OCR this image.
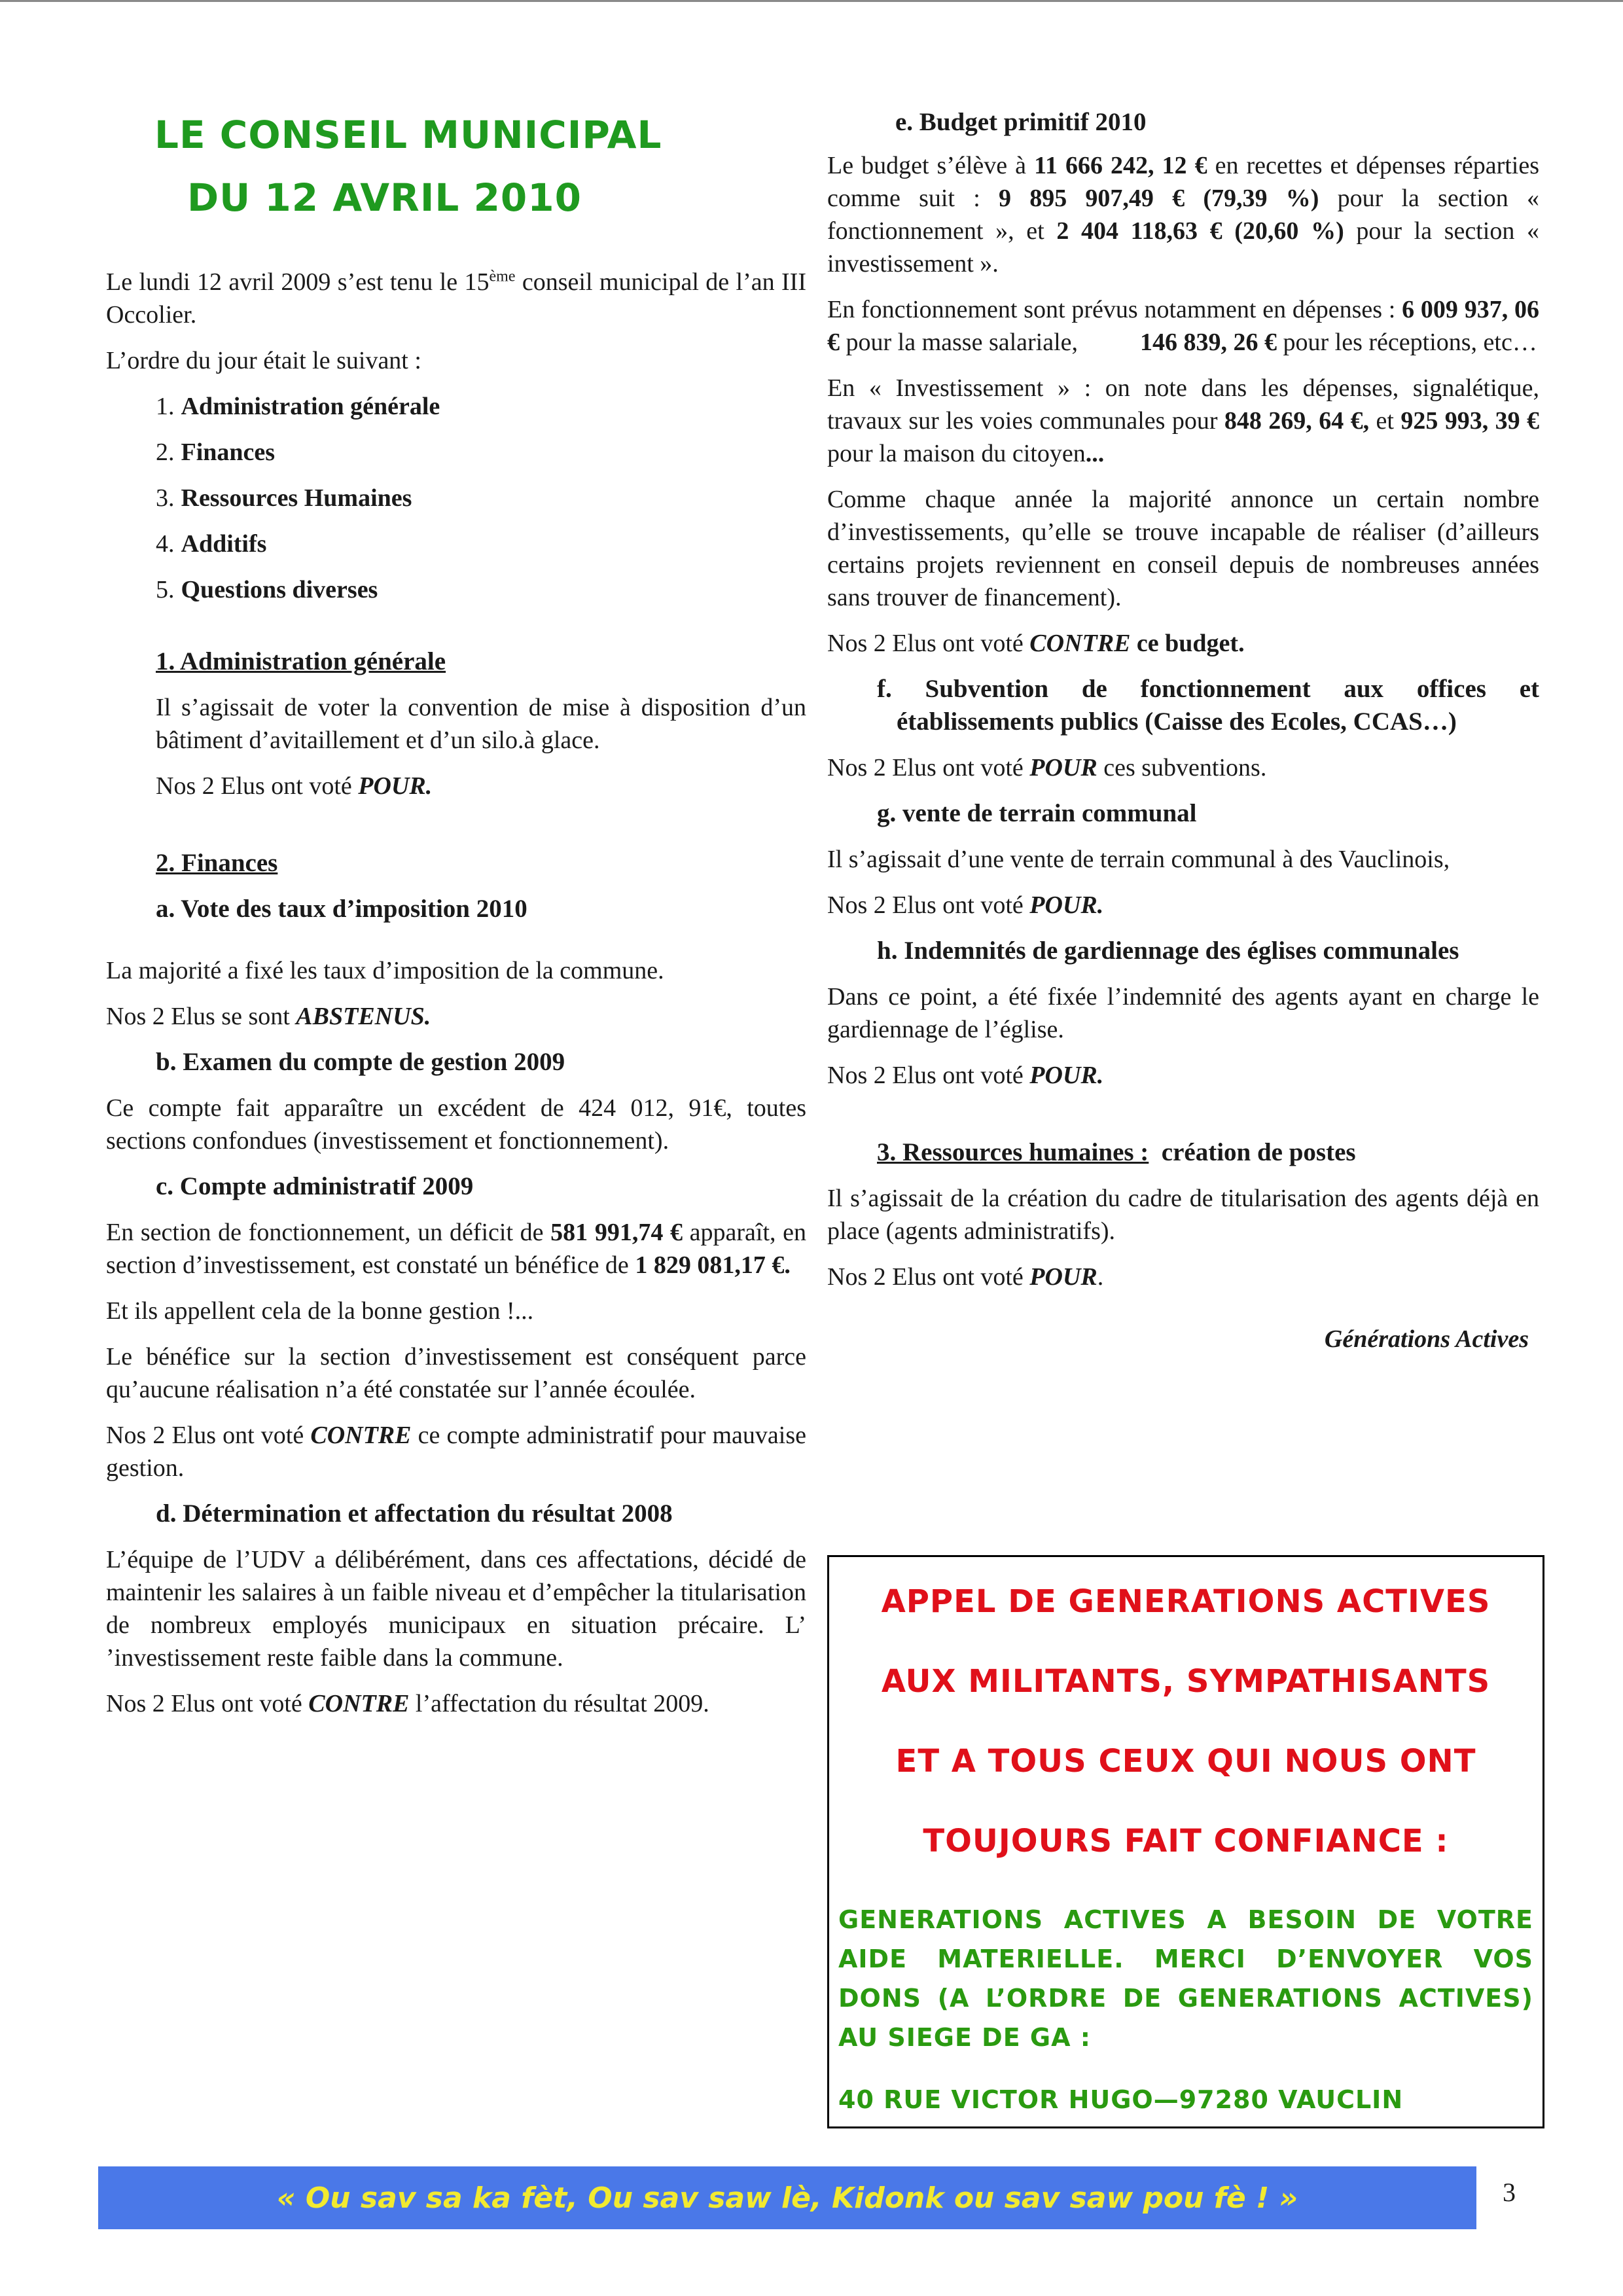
LE CONSEIL MUNICIPAL
DU 12 AVRIL 2010

Le lundi 12 avril 2009 s’est tenu le 15ème conseil municipal de l’an III Occolier.

L’ordre du jour était le suivant :

1. Administration générale
2. Finances
3. Ressources Humaines
4. Additifs
5. Questions diverses
1. Administration générale

Il s’agissait de voter la convention de mise à disposition d’un bâtiment d’avitaillement et d’un silo.à glace.

Nos 2 Elus ont voté POUR.

2. Finances
a. Vote des taux d’imposition 2010

La majorité a fixé les taux d’imposition de la commune.

Nos 2 Elus se sont ABSTENUS.

b. Examen du compte de gestion 2009

Ce compte fait apparaître un excédent de 424 012, 91€, toutes sections confondues (investissement et fonctionnement).

c. Compte administratif 2009

En section de fonctionnement, un déficit de 581 991,74 € apparaît, en section d’investissement, est constaté un bénéfice de 1 829 081,17 €.

Et ils appellent cela de la bonne gestion !...

Le bénéfice sur la section d’investissement est conséquent parce qu’aucune réalisation n’a été constatée sur l’année écoulée.

Nos 2 Elus ont voté CONTRE ce compte administratif pour mauvaise gestion.

d. Détermination et affectation du résultat 2008

L’équipe de l’UDV a délibérément, dans ces affectations, décidé de maintenir les salaires à un faible niveau et d’empêcher la titularisation de nombreux employés municipaux en situation précaire. L’ ’investissement reste faible dans la commune.

Nos 2 Elus ont voté CONTRE l’affectation du résultat 2009.

e. Budget primitif 2010

Le budget s’élève à 11 666 242, 12 € en recettes et dépenses réparties comme suit : 9 895 907,49 € (79,39 %) pour la section « fonctionnement », et 2 404 118,63 € (20,60 %) pour la section « investissement ».

En fonctionnement sont prévus notamment en dépenses : 6 009 937, 06 € pour la masse salariale,          146 839, 26 € pour les réceptions, etc…

En « Investissement » : on note dans les dépenses, signalétique, travaux sur les voies communales pour 848 269, 64 €, et 925 993, 39 € pour la maison du citoyen...

Comme chaque année la majorité annonce un certain nombre d’investissements, qu’elle se trouve incapable de réaliser (d’ailleurs certains projets reviennent en conseil depuis de nombreuses années sans trouver de financement).

Nos 2 Elus ont voté CONTRE ce budget.

f. Subvention de fonctionnement aux offices et établissements publics (Caisse des Ecoles, CCAS…)

Nos 2 Elus ont voté POUR ces subventions.

g. vente de terrain communal

Il s’agissait d’une vente de terrain communal à des Vauclinois,

Nos 2 Elus ont voté POUR.

h. Indemnités de gardiennage des églises communales

Dans ce point, a été fixée l’indemnité des agents ayant en charge le gardiennage de l’église.

Nos 2 Elus ont voté POUR.

3. Ressources humaines :  création de postes

Il s’agissait de la création du cadre de titularisation des agents déjà en place (agents administratifs).

Nos 2 Elus ont voté POUR.

Générations Actives

APPEL DE GENERATIONS ACTIVES

AUX MILITANTS, SYMPATHISANTS

ET A TOUS CEUX QUI NOUS ONT

TOUJOURS FAIT CONFIANCE :

GENERATIONS ACTIVES A BESOIN DE VOTRE AIDE MATERIELLE. MERCI D’ENVOYER VOS DONS (A L’ORDRE DE GENERATIONS ACTIVES) AU SIEGE DE GA :

40 RUE VICTOR HUGO—97280 VAUCLIN

« Ou sav sa ka fèt, Ou sav saw lè, Kidonk ou sav saw pou fè ! »	3
